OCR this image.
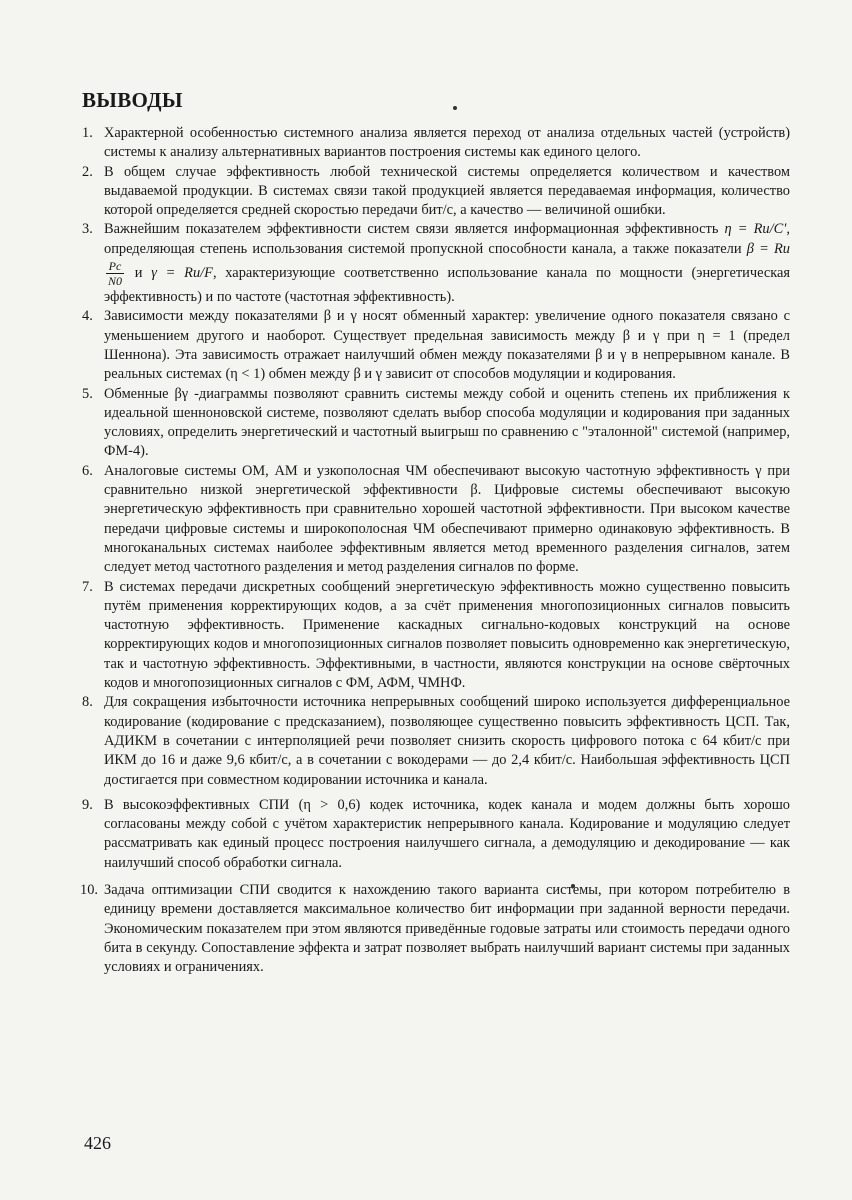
ВЫВОДЫ
1. Характерной особенностью системного анализа является переход от анализа отдельных частей (устройств) системы к анализу альтернативных вариантов построения системы как единого целого.
2. В общем случае эффективность любой технической системы определяется количеством и качеством выдаваемой продукции. В системах связи такой продукцией является передаваемая информация, количество которой определяется средней скоростью передачи бит/с, а качество — величиной ошибки.
3. Важнейшим показателем эффективности систем связи является информационная эффективность η = Rи/C′, определяющая степень использования системой пропускной способности канала, а также показатели β = Rи
$\frac{Pc}{N0}$ и γ = Rи/F, характеризующие соответственно использование канала по мощности (энергетическая эффективность) и по частоте (частотная эффективность).
4. Зависимости между показателями β и γ носят обменный характер: увеличение одного показателя связано с уменьшением другого и наоборот. Существует предельная зависимость между β и γ при η = 1 (предел Шеннона). Эта зависимость отражает наилучший обмен между показателями β и γ в непрерывном канале. В реальных системах (η < 1) обмен между β и γ зависит от способов модуляции и кодирования.
5. Обменные βγ -диаграммы позволяют сравнить системы между собой и оценить степень их приближения к идеальной шенноновской системе, позволяют сделать выбор способа модуляции и кодирования при заданных условиях, определить энергетический и частотный выигрыш по сравнению с "эталонной" системой (например, ФМ-4).
6. Аналоговые системы ОМ, АМ и узкополосная ЧМ обеспечивают высокую частотную эффективность γ при сравнительно низкой энергетической эффективности β. Цифровые системы обеспечивают высокую энергетическую эффективность при сравнительно хорошей частотной эффективности. При высоком качестве передачи цифровые системы и широкополосная ЧМ обеспечивают примерно одинаковую эффективность. В многоканальных системах наиболее эффективным является метод временного разделения сигналов, затем следует метод частотного разделения и метод разделения сигналов по форме.
7. В системах передачи дискретных сообщений энергетическую эффективность можно существенно повысить путём применения корректирующих кодов, а за счёт применения многопозиционных сигналов повысить частотную эффективность. Применение каскадных сигнально-кодовых конструкций на основе корректирующих кодов и многопозиционных сигналов позволяет повысить одновременно как энергетическую, так и частотную эффективность. Эффективными, в частности, являются конструкции на основе свёрточных кодов и многопозиционных сигналов с ФМ, АФМ, ЧМНФ.
8. Для сокращения избыточности источника непрерывных сообщений широко используется дифференциальное кодирование (кодирование с предсказанием), позволяющее существенно повысить эффективность ЦСП. Так, АДИКМ в сочетании с интерполяцией речи позволяет снизить скорость цифрового потока с 64 кбит/с при ИКМ до 16 и даже 9,6 кбит/с, а в сочетании с вокодерами — до 2,4 кбит/с. Наибольшая эффективность ЦСП достигается при совместном кодировании источника и канала.
9. В высокоэффективных СПИ (η > 0,6) кодек источника, кодек канала и модем должны быть хорошо согласованы между собой с учётом характеристик непрерывного канала. Кодирование и модуляцию следует рассматривать как единый процесс построения наилучшего сигнала, а демодуляцию и декодирование — как наилучший способ обработки сигнала.
10. Задача оптимизации СПИ сводится к нахождению такого варианта системы, при котором потребителю в единицу времени доставляется максимальное количество бит информации при заданной верности передачи. Экономическим показателем при этом являются приведённые годовые затраты или стоимость передачи одного бита в секунду. Сопоставление эффекта и затрат позволяет выбрать наилучший вариант системы при заданных условиях и ограничениях.
426
